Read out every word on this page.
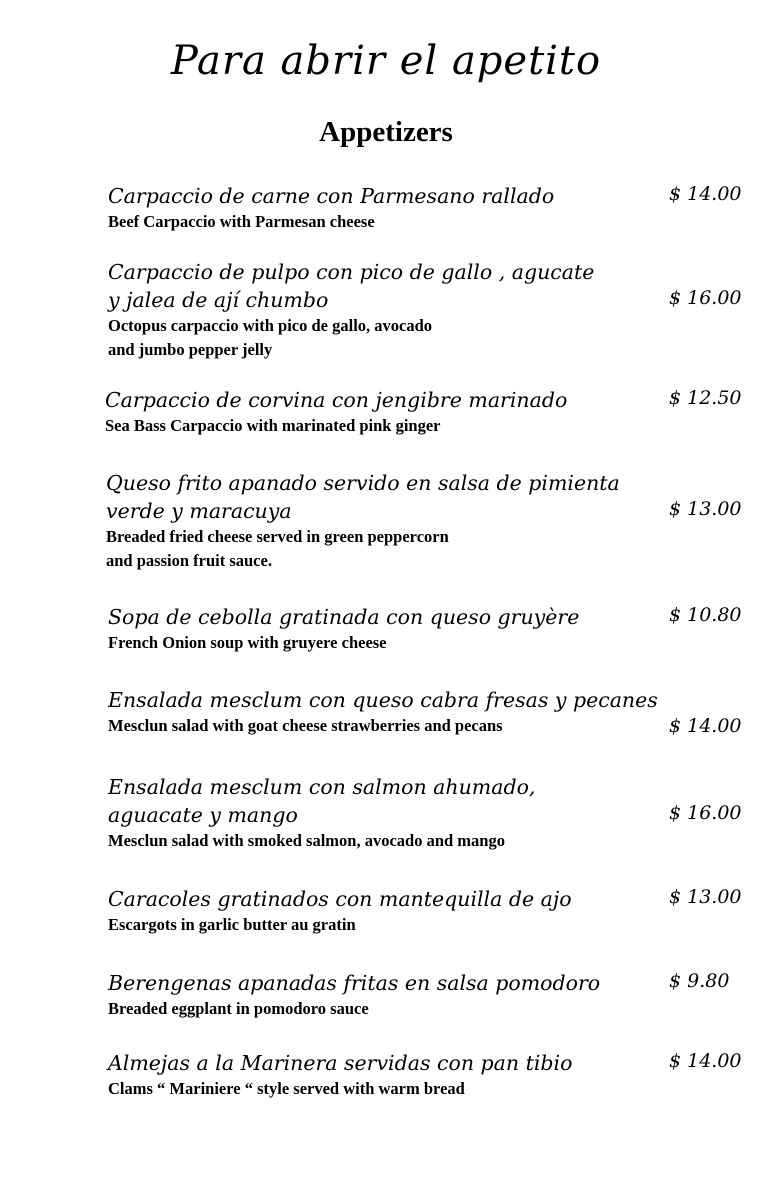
Para abrir el apetito
Appetizers
Carpaccio de carne con Parmesano rallado
Beef Carpaccio with Parmesan cheese
$ 14.00
Carpaccio de pulpo con pico de gallo , agucate
y jalea de ají chumbo
Octopus carpaccio with pico de gallo, avocado
and jumbo pepper jelly
$ 16.00
Carpaccio de corvina con jengibre marinado
Sea Bass Carpaccio with marinated pink ginger
$ 12.50
Queso frito apanado servido en salsa de pimienta
verde y maracuya
Breaded fried cheese served in green peppercorn
and passion fruit sauce.
$ 13.00
Sopa de cebolla gratinada con queso gruyère
French Onion soup with gruyere cheese
$ 10.80
Ensalada mesclum con queso cabra fresas y pecanes
Mesclun salad with goat cheese strawberries and pecans	$ 14.00
Ensalada mesclum con salmon ahumado,
aguacate y mango
Mesclun salad with smoked salmon, avocado and mango
$ 16.00
Caracoles gratinados con mantequilla de ajo
Escargots in garlic butter au gratin
$ 13.00
Berengenas apanadas fritas en salsa pomodoro
Breaded eggplant in pomodoro sauce
$ 9.80
Almejas a la Marinera servidas con pan tibio
Clams “ Mariniere “ style served with warm bread
$ 14.00
